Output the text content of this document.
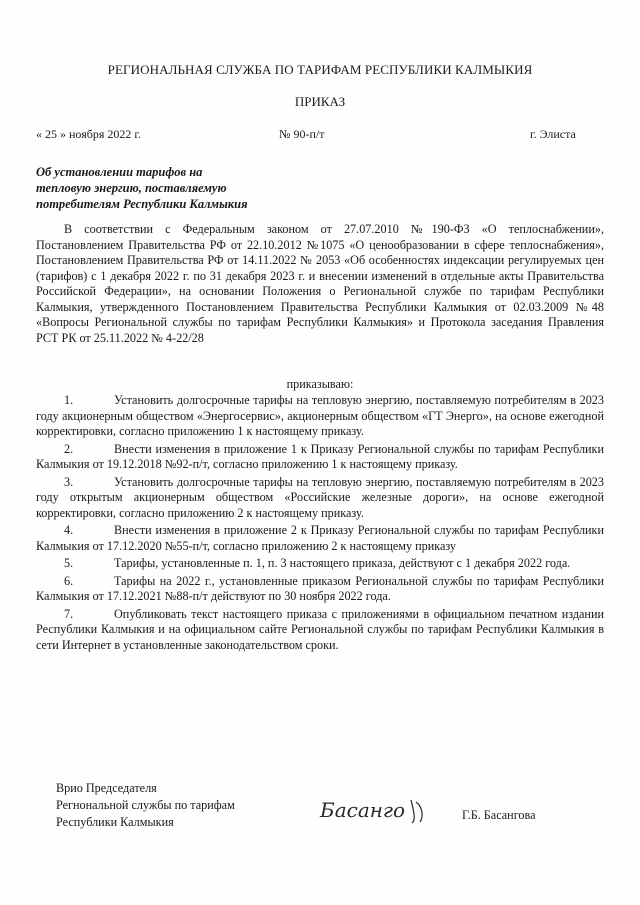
РЕГИОНАЛЬНАЯ СЛУЖБА ПО ТАРИФАМ РЕСПУБЛИКИ КАЛМЫКИЯ
ПРИКАЗ
« 25 » ноября 2022 г.	№ 90-п/т	г. Элиста
Об установлении тарифов на
тепловую энергию, поставляемую
потребителям Республики Калмыкия

В соответствии с Федеральным законом от 27.07.2010 №190-ФЗ «О теплоснабжении», Постановлением Правительства РФ от 22.10.2012 №1075 «О ценообразовании в сфере теплоснабжения», Постановлением Правительства РФ от 14.11.2022 № 2053 «Об особенностях индексации регулируемых цен (тарифов) с 1 декабря 2022 г. по 31 декабря 2023 г. и внесении изменений в отдельные акты Правительства Российской Федерации», на основании Положения о Региональной службе по тарифам Республики Калмыкия, утвержденного Постановлением Правительства Республики Калмыкия от 02.03.2009 №48 «Вопросы Региональной службы по тарифам Республики Калмыкия» и Протокола заседания Правления РСТ РК от 25.11.2022 № 4-22/28

приказываю:
1.	Установить долгосрочные тарифы на тепловую энергию, поставляемую потребителям в 2023 году акционерным обществом «Энергосервис», акционерным обществом «ГТ Энерго», на основе ежегодной корректировки, согласно приложению 1 к настоящему приказу.
2.	Внести изменения в приложение 1 к Приказу Региональной службы по тарифам Республики Калмыкия от 19.12.2018 №92-п/т, согласно приложению 1 к настоящему приказу.
3.	Установить долгосрочные тарифы на тепловую энергию, поставляемую потребителям в 2023 году открытым акционерным обществом «Российские железные дороги», на основе ежегодной корректировки, согласно приложению 2 к настоящему приказу.
4.	Внести изменения в приложение 2 к Приказу Региональной службы по тарифам Республики Калмыкия от 17.12.2020 №55-п/т, согласно приложению 2 к настоящему приказу
5.	Тарифы, установленные п. 1, п. 3 настоящего приказа, действуют с 1 декабря 2022 года.
6.	Тарифы на 2022 г., установленные приказом Региональной службы по тарифам Республики Калмыкия от 17.12.2021 №88-п/т действуют по 30 ноября 2022 года.
7.	Опубликовать текст настоящего приказа с приложениями в официальном печатном издании Республики Калмыкия и на официальном сайте Региональной службы по тарифам Республики Калмыкия в сети Интернет в установленные законодательством сроки.
Врио Председателя
Регнональной службы по тарифам
Республики Калмыкия	Басанго	Г.Б. Басангова
